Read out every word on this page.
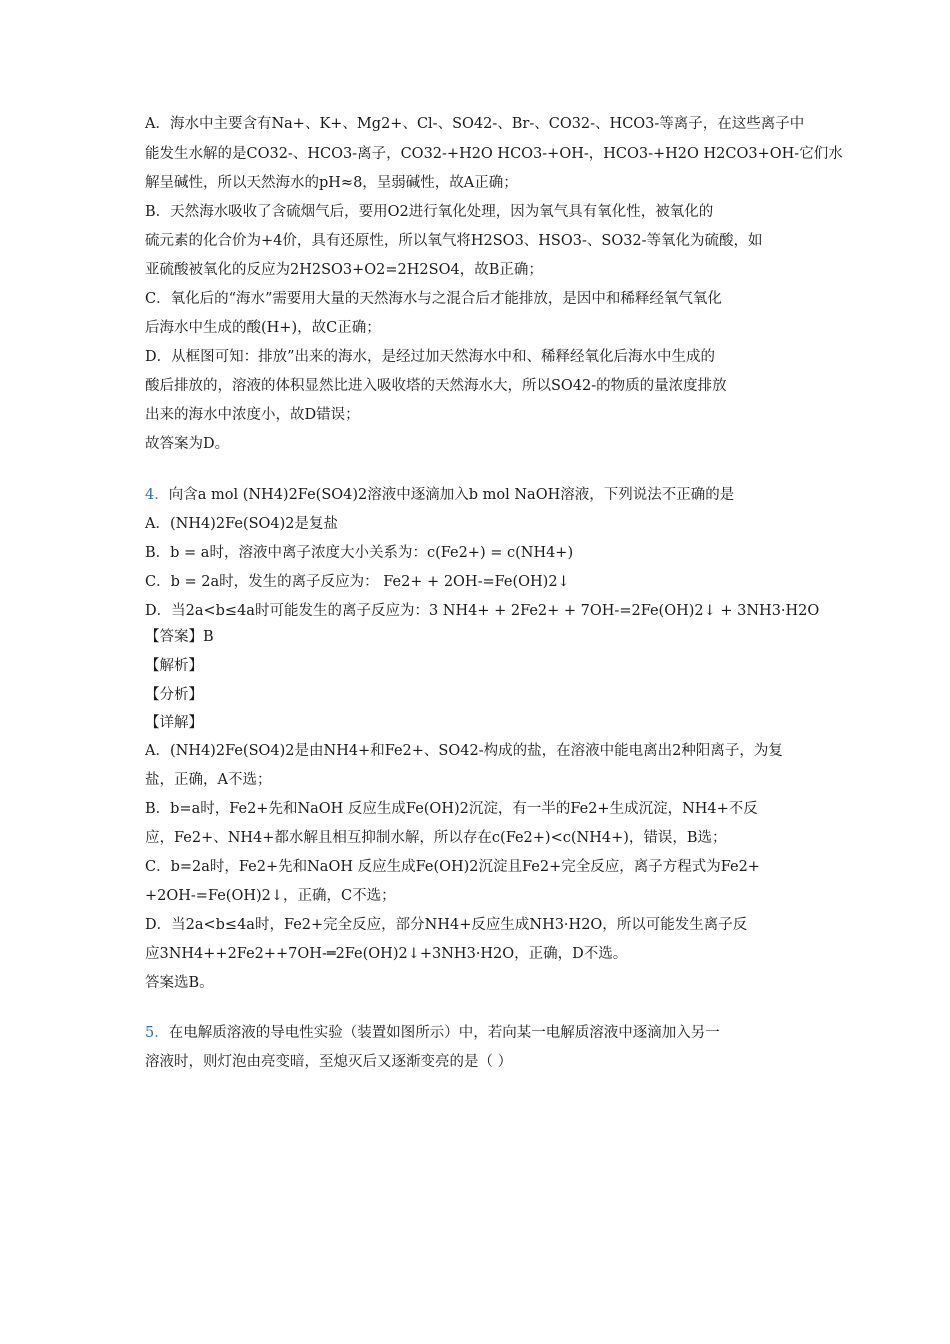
A．海水中主要含有Na+、K+、Mg2+、Cl-、SO42-、Br-、CO32-、HCO3-等离子，在这些离子中
能发生水解的是CO32-、HCO3-离子，CO32-+H2O HCO3-+OH-，HCO3-+H2O H2CO3+OH-它们水
解呈碱性，所以天然海水的pH≈8，呈弱碱性，故A正确；
B．天然海水吸收了含硫烟气后，要用O2进行氧化处理，因为氧气具有氧化性，被氧化的
硫元素的化合价为+4价，具有还原性，所以氧气将H2SO3、HSO3-、SO32-等氧化为硫酸，如
亚硫酸被氧化的反应为2H2SO3+O2=2H2SO4，故B正确；
C．氧化后的“海水”需要用大量的天然海水与之混合后才能排放，是因中和稀释经氧气氧化
后海水中生成的酸(H+)，故C正确；
D．从框图可知：排放”出来的海水，是经过加天然海水中和、稀释经氧化后海水中生成的
酸后排放的，溶液的体积显然比进入吸收塔的天然海水大，所以SO42-的物质的量浓度排放
出来的海水中浓度小，故D错误；
故答案为D。
4．向含a mol (NH4)2Fe(SO4)2溶液中逐滴加入b mol NaOH溶液，下列说法不正确的是
A．(NH4)2Fe(SO4)2是复盐
B．b = a时，溶液中离子浓度大小关系为：c(Fe2+) = c(NH4+)
C．b = 2a时，发生的离子反应为： Fe2+ + 2OH-=Fe(OH)2↓
D．当2a<b≤4a时可能发生的离子反应为：3 NH4+ + 2Fe2+ + 7OH-=2Fe(OH)2↓ + 3NH3·H2O
【答案】B
【解析】
【分析】
【详解】
A．(NH4)2Fe(SO4)2是由NH4+和Fe2+、SO42-构成的盐，在溶液中能电离出2种阳离子，为复
盐，正确，A不选；
B．b=a时，Fe2+先和NaOH 反应生成Fe(OH)2沉淀，有一半的Fe2+生成沉淀，NH4+不反
应，Fe2+、NH4+都水解且相互抑制水解，所以存在c(Fe2+)<c(NH4+)，错误，B选；
C．b=2a时，Fe2+先和NaOH 反应生成Fe(OH)2沉淀且Fe2+完全反应，离子方程式为Fe2+
+2OH-=Fe(OH)2↓，正确，C不选；
D．当2a<b≤4a时，Fe2+完全反应，部分NH4+反应生成NH3·H2O，所以可能发生离子反
应3NH4++2Fe2++7OH-═2Fe(OH)2↓+3NH3·H2O，正确，D不选。
答案选B。
5．在电解质溶液的导电性实验（装置如图所示）中，若向某一电解质溶液中逐滴加入另一
溶液时，则灯泡由亮变暗，至熄灭后又逐渐变亮的是（ ）
